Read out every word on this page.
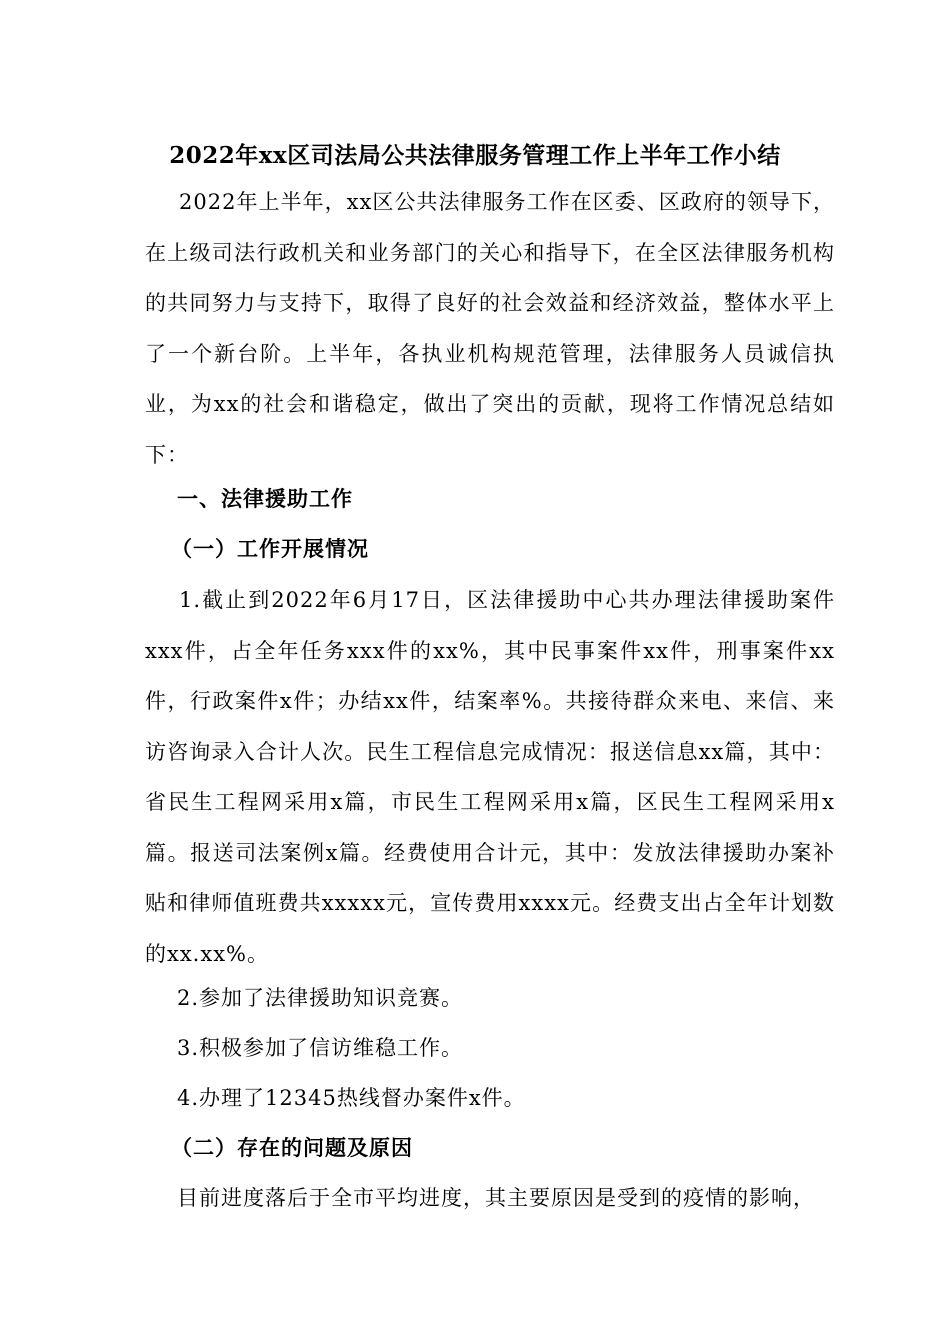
2022年xx区司法局公共法律服务管理工作上半年工作小结

2022年上半年，xx区公共法律服务工作在区委、区政府的领导下，在上级司法行政机关和业务部门的关心和指导下，在全区法律服务机构的共同努力与支持下，取得了良好的社会效益和经济效益，整体水平上了一个新台阶。上半年，各执业机构规范管理，法律服务人员诚信执业，为xx的社会和谐稳定，做出了突出的贡献，现将工作情况总结如下：

一、法律援助工作
（一）工作开展情况

1.截止到2022年6月17日，区法律援助中心共办理法律援助案件xxx件，占全年任务xxx件的xx%，其中民事案件xx件，刑事案件xx件，行政案件x件；办结xx件，结案率%。共接待群众来电、来信、来访咨询录入合计人次。民生工程信息完成情况：报送信息xx篇，其中：省民生工程网采用x篇，市民生工程网采用x篇，区民生工程网采用x篇。报送司法案例x篇。经费使用合计元，其中：发放法律援助办案补贴和律师值班费共xxxxx元，宣传费用xxxx元。经费支出占全年计划数的xx.xx%。

2.参加了法律援助知识竞赛。
3.积极参加了信访维稳工作。
4.办理了12345热线督办案件x件。
（二）存在的问题及原因
目前进度落后于全市平均进度，其主要原因是受到的疫情的影响，
